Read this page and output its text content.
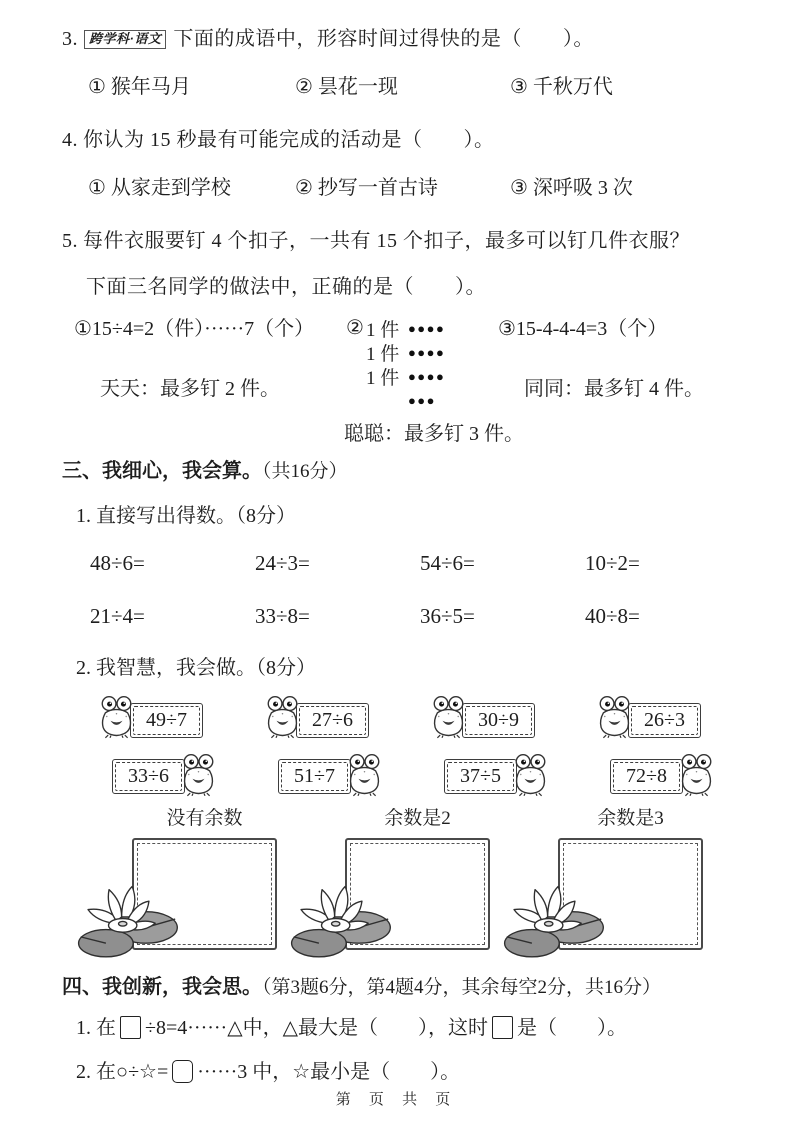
3. 跨学科·语文 下面的成语中，形容时间过得快的是（　　）。
① 猴年马月	② 昙花一现	③ 千秋万代
4. 你认为 15 秒最有可能完成的活动是（　　）。
① 从家走到学校	② 抄写一首古诗	③ 深呼吸 3 次
5. 每件衣服要钉 4 个扣子，一共有 15 个扣子，最多可以钉几件衣服？
下面三名同学的做法中，正确的是（　　）。
①15÷4=2（件）······7（个）
天天：最多钉 2 件。
② 1 件 ●●●●
1 件 ●●●●
1 件 ●●●●
●●●
聪聪：最多钉 3 件。
③15-4-4-4=3（个）
同同：最多钉 4 件。
三、我细心，我会算。（共16分）
1. 直接写出得数。（8分）
48÷6=	24÷3=	54÷6=	10÷2=
21÷4=	33÷8=	36÷5=	40÷8=
2. 我智慧，我会做。（8分）
49÷7	27÷6	30÷9	26÷3
33÷6	51÷7	37÷5	72÷8
没有余数	余数是2	余数是3
四、我创新，我会思。（第3题6分，第4题4分，其余每空2分，共16分）
1. 在 ÷8=4······△中，△最大是（　　），这时 是（　　）。
2. 在○÷☆= ······3 中，☆最小是（　　）。
第 页 共 页
